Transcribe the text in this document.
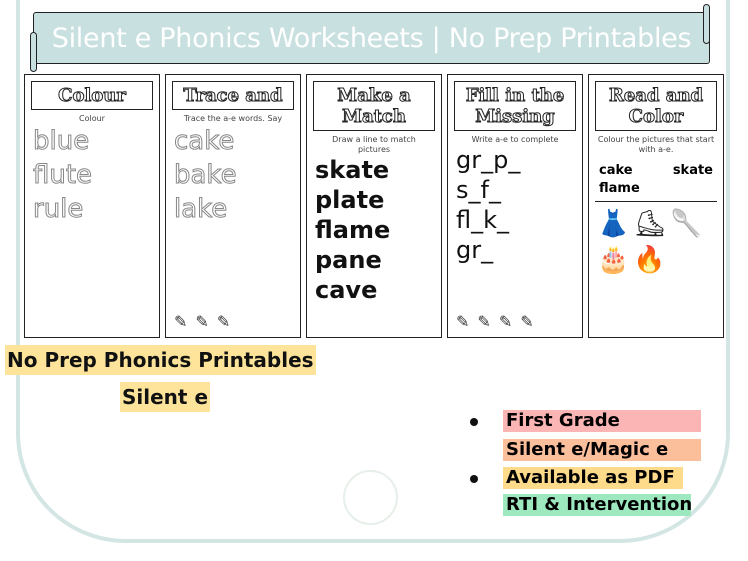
Silent e Phonics Worksheets | No Prep Printables
Colour
Colour
blue
flute
rule
Trace and
Trace the a-e words. Say
cake
bake
lake
✎✎✎
Make a Match
Draw a line to match
pictures
skate
plate
flame
pane
cave
Fill in the Missing
Write a-e to complete
gr_p_
s_f_
fl_k_
gr_
✎✎✎✎
Read and Color
Colour the pictures that start with a-e.
cake	skate
flame
👗 ⛸ 🥄
🎂 🔥
No Prep Phonics Printables
Silent e
First Grade
Silent e/Magic e
Available as PDF
RTI & Intervention
